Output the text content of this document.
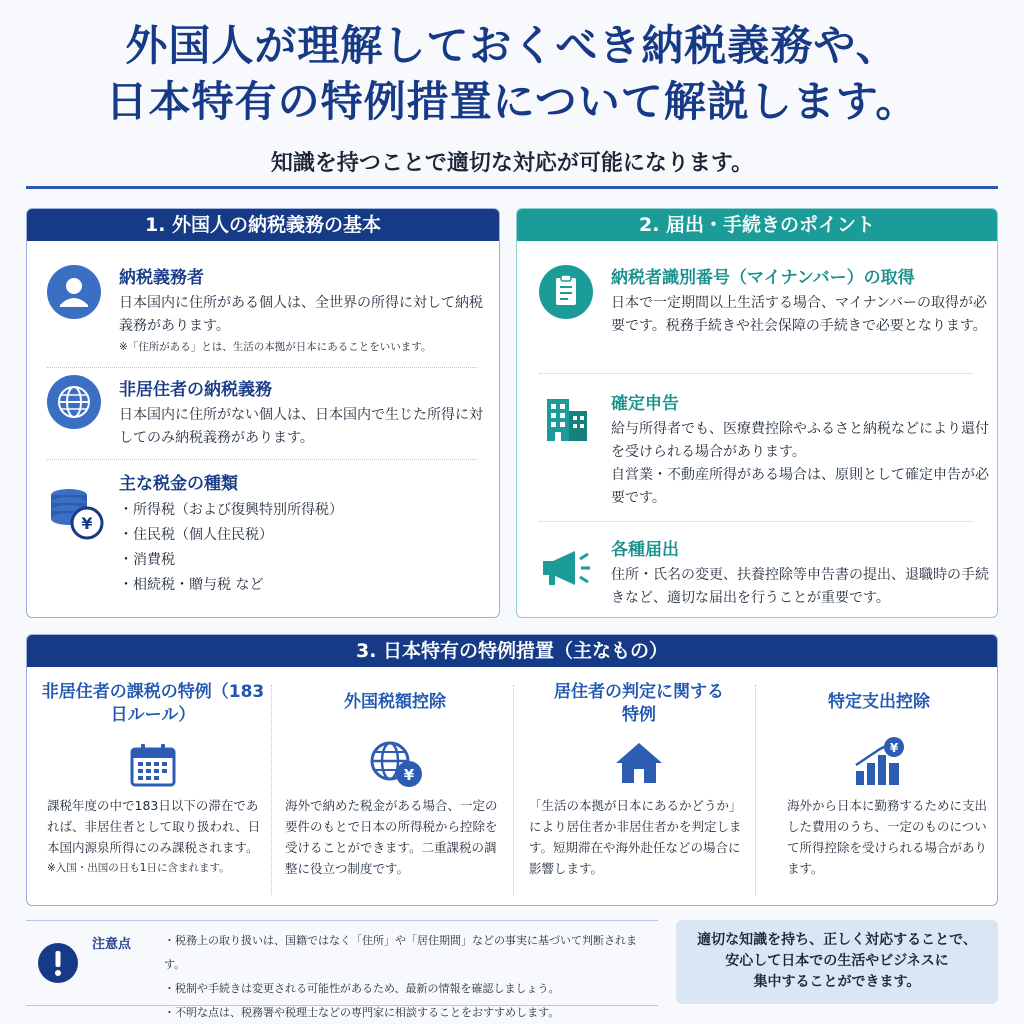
外国人が理解しておくべき納税義務や、
日本特有の特例措置について解説します。
知識を持つことで適切な対応が可能になります。
1. 外国人の納税義務の基本
納税義務者
日本国内に住所がある個人は、全世界の所得に対して納税義務があります。
※「住所がある」とは、生活の本拠が日本にあることをいいます。
非居住者の納税義務
日本国内に住所がない個人は、日本国内で生じた所得に対してのみ納税義務があります。
¥
主な税金の種類
・所得税（および復興特別所得税）
・住民税（個人住民税）
・消費税
・相続税・贈与税 など
2. 届出・手続きのポイント
納税者識別番号（マイナンバー）の取得
日本で一定期間以上生活する場合、マイナンバーの取得が必要です。税務手続きや社会保障の手続きで必要となります。
確定申告
給与所得者でも、医療費控除やふるさと納税などにより還付を受けられる場合があります。
自営業・不動産所得がある場合は、原則として確定申告が必要です。
各種届出
住所・氏名の変更、扶養控除等申告書の提出、退職時の手続きなど、適切な届出を行うことが重要です。
3. 日本特有の特例措置（主なもの）
非居住者の課税の特例（183日ルール）
課税年度の中で183日以下の滞在であれば、非居住者として取り扱われ、日本国内源泉所得にのみ課税されます。
※入国・出国の日も1日に含まれます。
外国税額控除
¥
海外で納めた税金がある場合、一定の要件のもとで日本の所得税から控除を受けることができます。二重課税の調整に役立つ制度です。
居住者の判定に関する特例
「生活の本拠が日本にあるかどうか」により居住者か非居住者かを判定します。短期滞在や海外赴任などの場合に影響します。
特定支出控除
¥
海外から日本に勤務するために支出した費用のうち、一定のものについて所得控除を受けられる場合があります。
注意点	・税務上の取り扱いは、国籍ではなく「住所」や「居住期間」などの事実に基づいて判断されます。
・税制や手続きは変更される可能性があるため、最新の情報を確認しましょう。
・不明な点は、税務署や税理士などの専門家に相談することをおすすめします。
適切な知識を持ち、正しく対応することで、
安心して日本での生活やビジネスに
集中することができます。
